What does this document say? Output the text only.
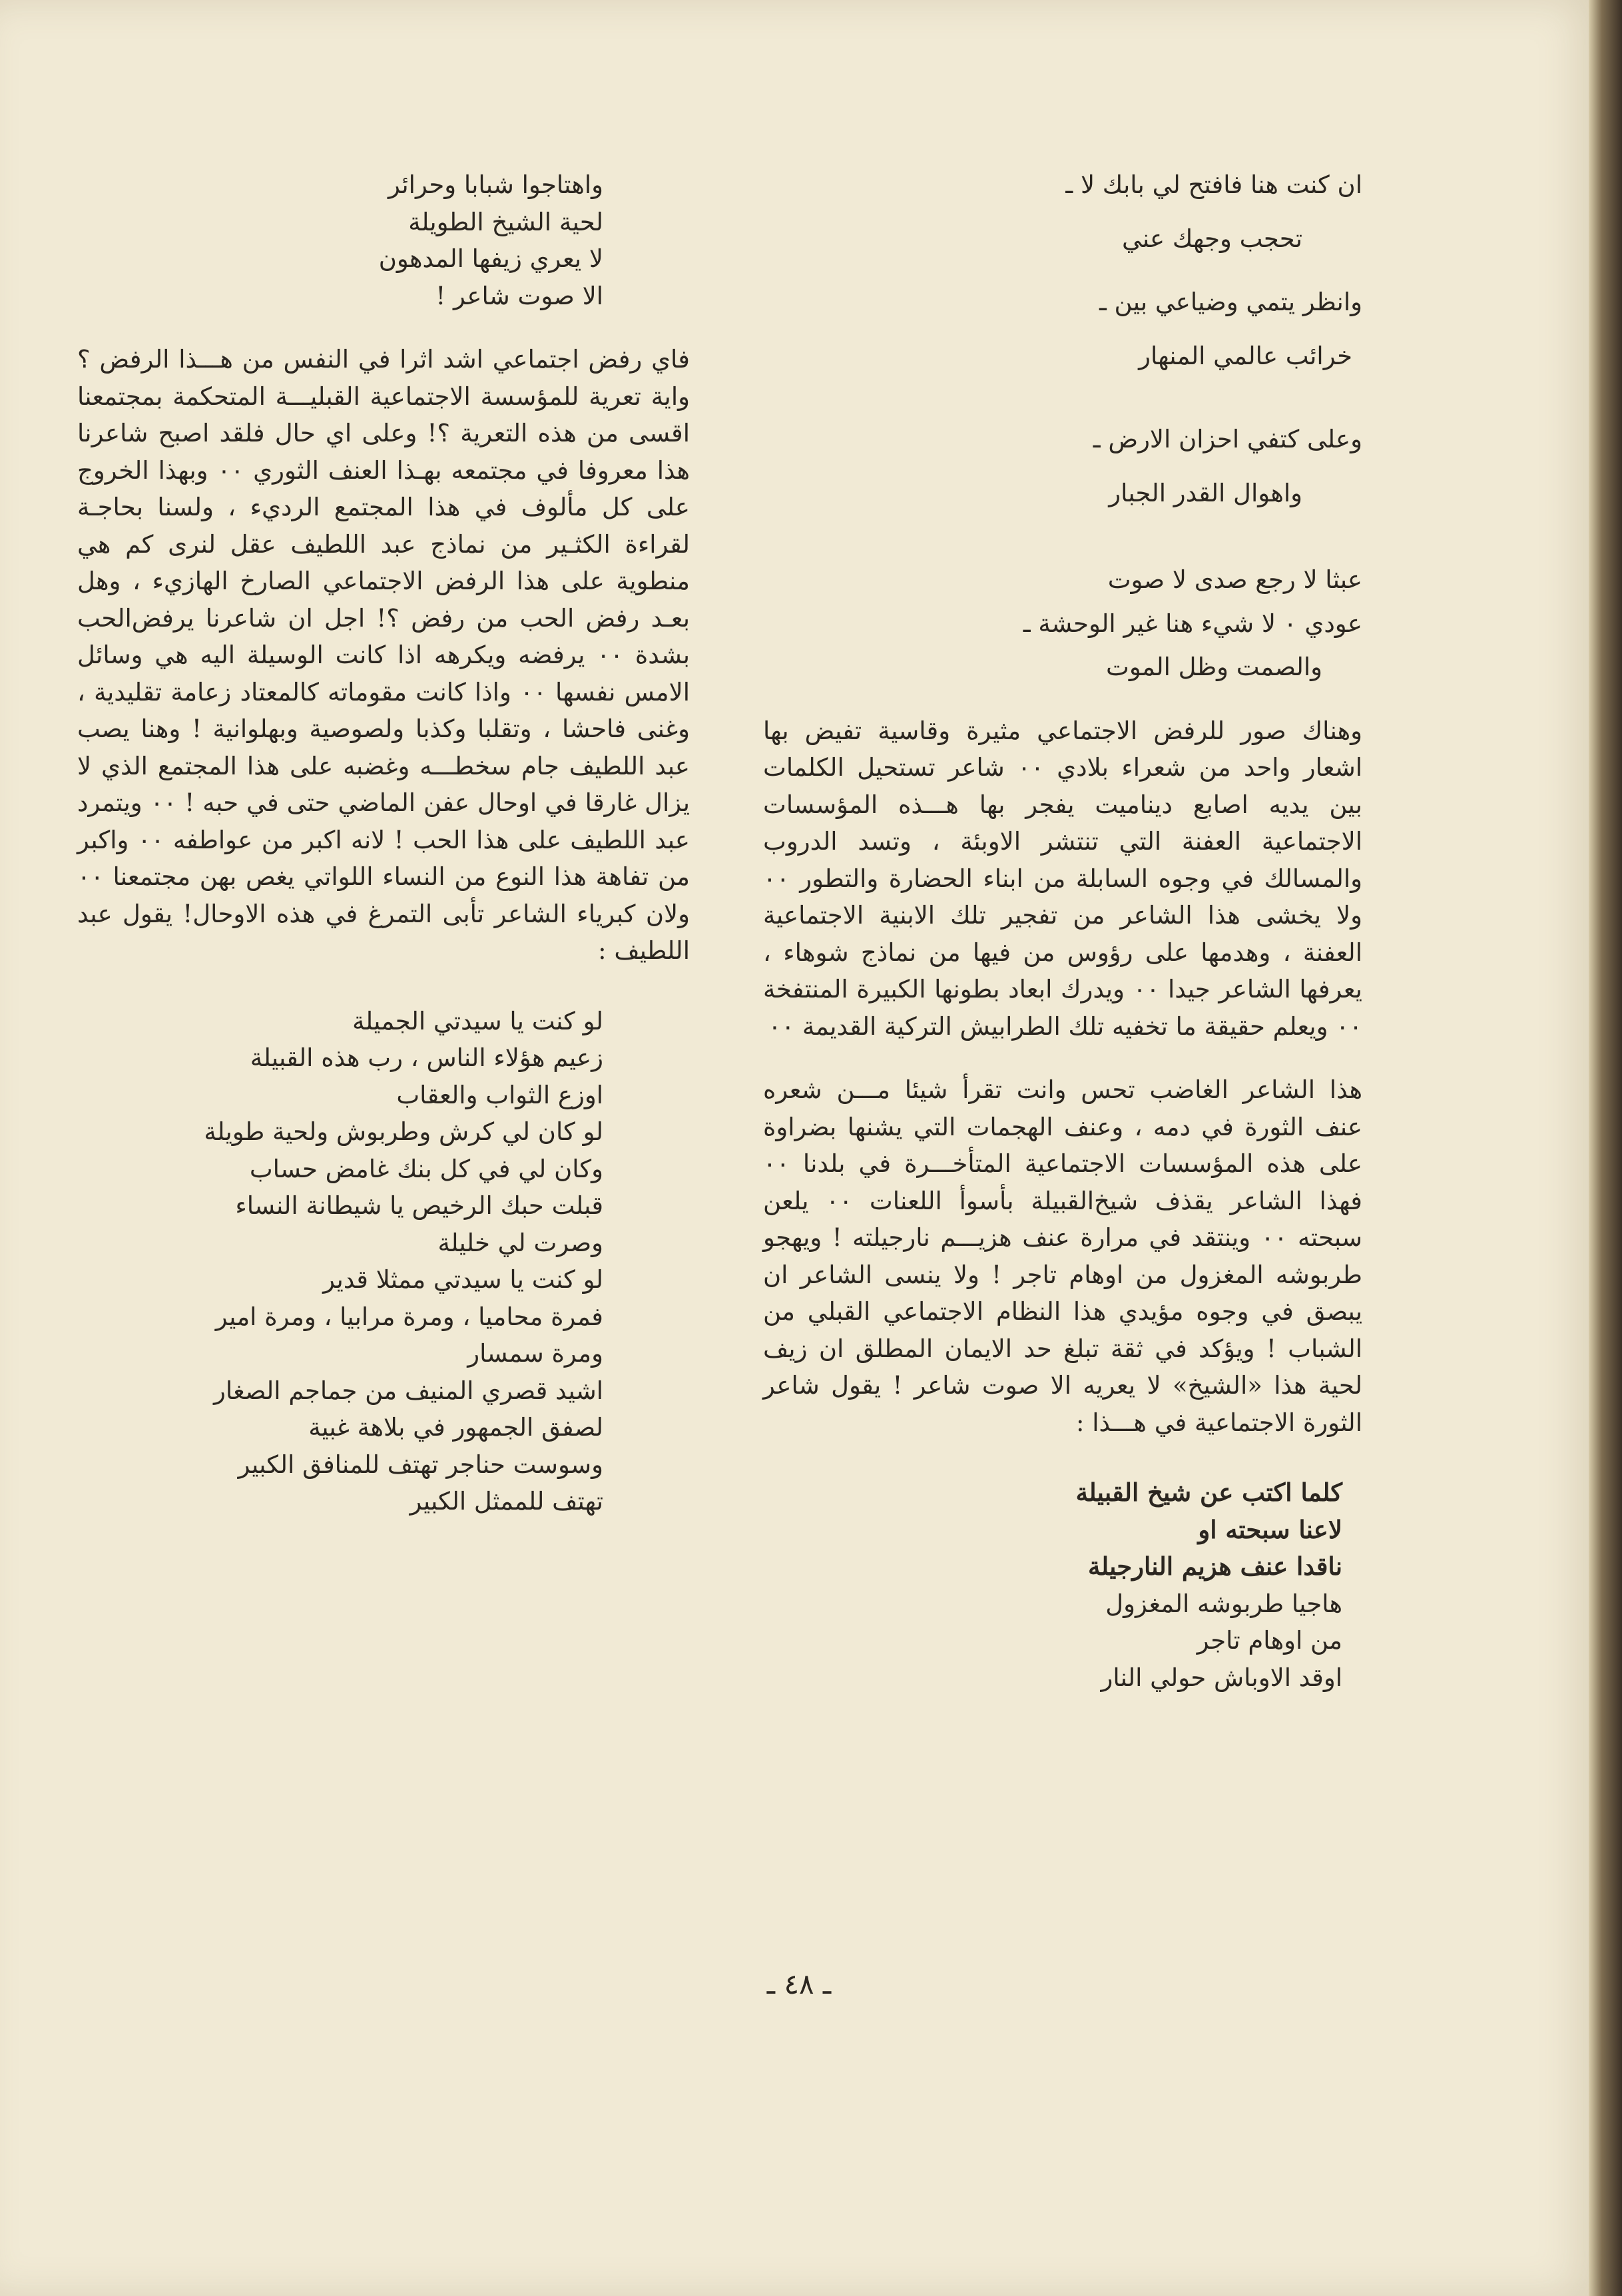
ان كنت هنا فافتح لي بابك لا ـ
تحجب وجهك عني
وانظر يتمي وضياعي بين ـ
خرائب عالمي المنهار
وعلى كتفي احزان الارض ـ
واهوال القدر الجبار
عبثا لا رجع صدى لا صوت
عودي ٠ لا شيء هنا غير الوحشة ـ
والصمت وظل الموت

وهناك صور للرفض الاجتماعي مثيرة وقاسية تفيض بها اشعار واحد من شعراء بلادي ٠٠ شاعر تستحيل الكلمات بين يديه اصابع ديناميت يفجر بها هـــذه المؤسسات الاجتماعية العفنة التي تنتشر الاوبئة ، وتسد الدروب والمسالك في وجوه السابلة من ابناء الحضارة والتطور ٠٠ ولا يخشى هذا الشاعر من تفجير تلك الابنية الاجتماعية العفنة ، وهدمها على رؤوس من فيها من نماذج شوهاء ، يعرفها الشاعر جيدا ٠٠ ويدرك ابعاد بطونها الكبيرة المنتفخة ٠٠ ويعلم حقيقة ما تخفيه تلك الطرابيش التركية القديمة ٠٠

هذا الشاعر الغاضب تحس وانت تقرأ شيئا مـــن شعره عنف الثورة في دمه ، وعنف الهجمات التي يشنها بضراوة على هذه المؤسسات الاجتماعية المتأخـــرة في بلدنا ٠٠ فهذا الشاعر يقذف شيخ‌القبيلة بأسوأ اللعنات ٠٠ يلعن سبحته ٠٠ وينتقد في مرارة عنف هزيـــم نارجيلته ! ويهجو طربوشه المغزول من اوهام تاجر ! ولا ينسى الشاعر ان يبصق في وجوه مؤيدي هذا النظام الاجتماعي القبلي من الشباب ! ويؤكد في ثقة تبلغ حد الايمان المطلق ان زيف لحية هذا «الشيخ» لا يعريه الا صوت شاعر ! يقول شاعر الثورة الاجتماعية في هـــذا :

كلما اكتب عن شيخ القبيلة
لاعنا سبحته او
ناقدا عنف هزيم النارجيلة
هاجيا طربوشه المغزول
من اوهام تاجر
اوقد الاوباش حولي النار
واهتاجوا شبابا وحرائر
لحية الشيخ الطويلة
لا يعري زيفها المدهون
الا صوت شاعر !

فاي رفض اجتماعي اشد اثرا في النفس من هـــذا الرفض ؟ واية تعرية للمؤسسة الاجتماعية القبليـــة المتحكمة بمجتمعنا اقسى من هذه التعرية ؟! وعلى اي حال فلقد اصبح شاعرنا هذا معروفا في مجتمعه بهـذا العنف الثوري ٠٠ وبهذا الخروج على كل مألوف في هذا المجتمع الرديء ، ولسنا بحاجـة لقراءة الكثـير من نماذج عبد اللطيف عقل لنرى كم هي منطوية على هذا الرفض الاجتماعي الصارخ الهازيء ، وهل بعـد رفض الحب من رفض ؟! اجل ان شاعرنا يرفض‌الحب بشدة ٠٠ يرفضه ويكرهه اذا كانت الوسيلة اليه هي وسائل الامس نفسها ٠٠ واذا كانت مقوماته كالمعتاد زعامة تقليدية ، وغنى فاحشا ، وتقلبا وكذبا ولصوصية وبهلوانية ! وهنا يصب عبد اللطيف جام سخطـــه وغضبه على هذا المجتمع الذي لا يزال غارقا في اوحال عفن الماضي حتى في حبه ! ٠٠ ويتمرد عبد اللطيف على هذا الحب ! لانه اكبر من عواطفه ٠٠ واكبر من تفاهة هذا النوع من النساء اللواتي يغص بهن مجتمعنا ٠٠ ولان كبرياء الشاعر تأبى التمرغ في هذه الاوحال! يقول عبد اللطيف :

لو كنت يا سيدتي الجميلة
زعيم هؤلاء الناس ، رب هذه القبيلة
اوزع الثواب والعقاب
لو كان لي كرش وطربوش ولحية طويلة
وكان لي في كل بنك غامض حساب
قبلت حبك الرخيص يا شيطانة النساء
وصرت لي خليلة
لو كنت يا سيدتي ممثلا قدير
فمرة محاميا ، ومرة مرابيا ، ومرة امير
ومرة سمسار
اشيد قصري المنيف من جماجم الصغار
لصفق الجمهور في بلاهة غبية
وسوست حناجر تهتف للمنافق الكبير
تهتف للممثل الكبير
ـ ٤٨ ـ
